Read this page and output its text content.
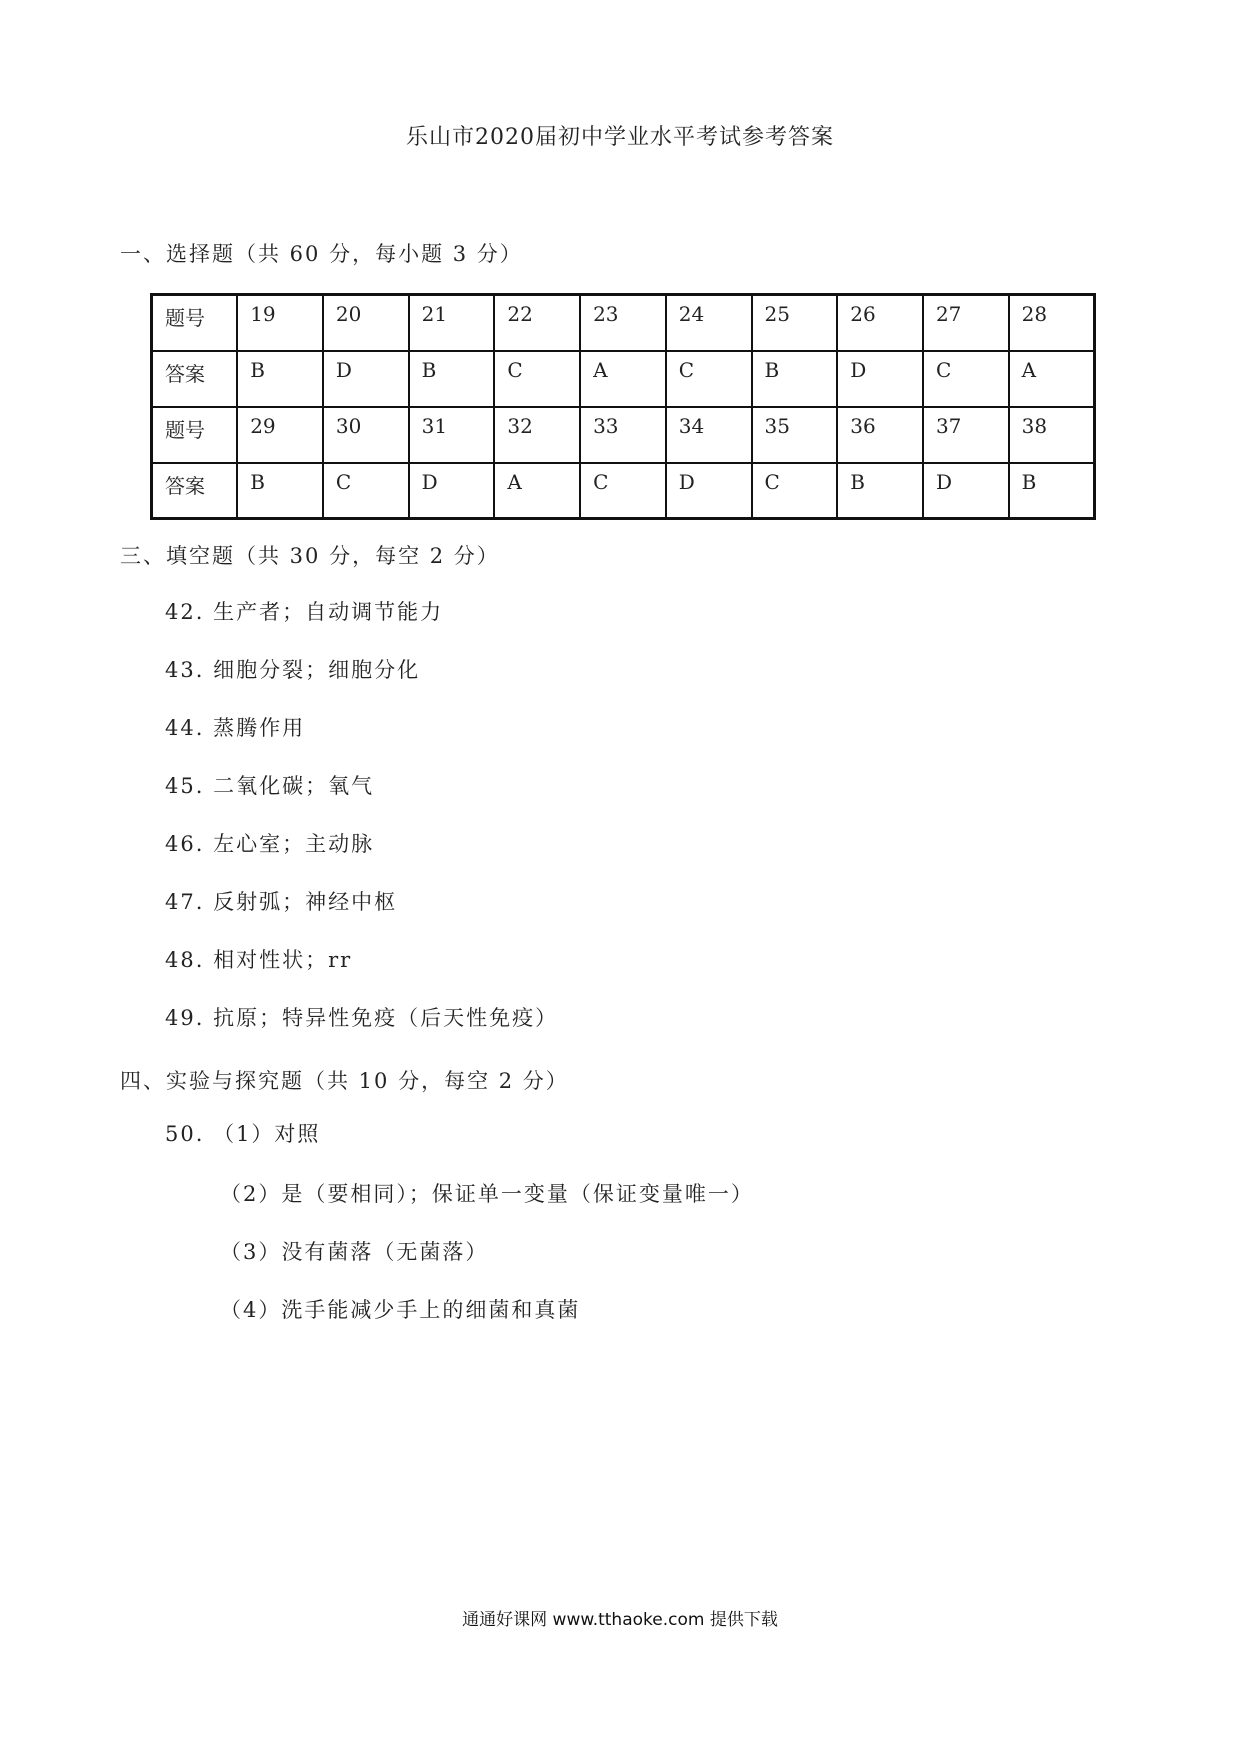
乐山市2020届初中学业水平考试参考答案
一、选择题（共 60 分，每小题 3 分）
题号	19	20	21	22	23	24	25	26	27	28
答案	B	D	B	C	A	C	B	D	C	A
题号	29	30	31	32	33	34	35	36	37	38
答案	B	C	D	A	C	D	C	B	D	B
三、填空题（共 30 分，每空 2 分）
42. 生产者；自动调节能力
43. 细胞分裂；细胞分化
44. 蒸腾作用
45. 二氧化碳；氧气
46. 左心室；主动脉
47. 反射弧；神经中枢
48. 相对性状；rr
49. 抗原；特异性免疫（后天性免疫）
四、实验与探究题（共 10 分，每空 2 分）
50. （1）对照
（2）是（要相同）；保证单一变量（保证变量唯一）
（3）没有菌落（无菌落）
（4）洗手能减少手上的细菌和真菌
通通好课网 www.tthaoke.com 提供下载
